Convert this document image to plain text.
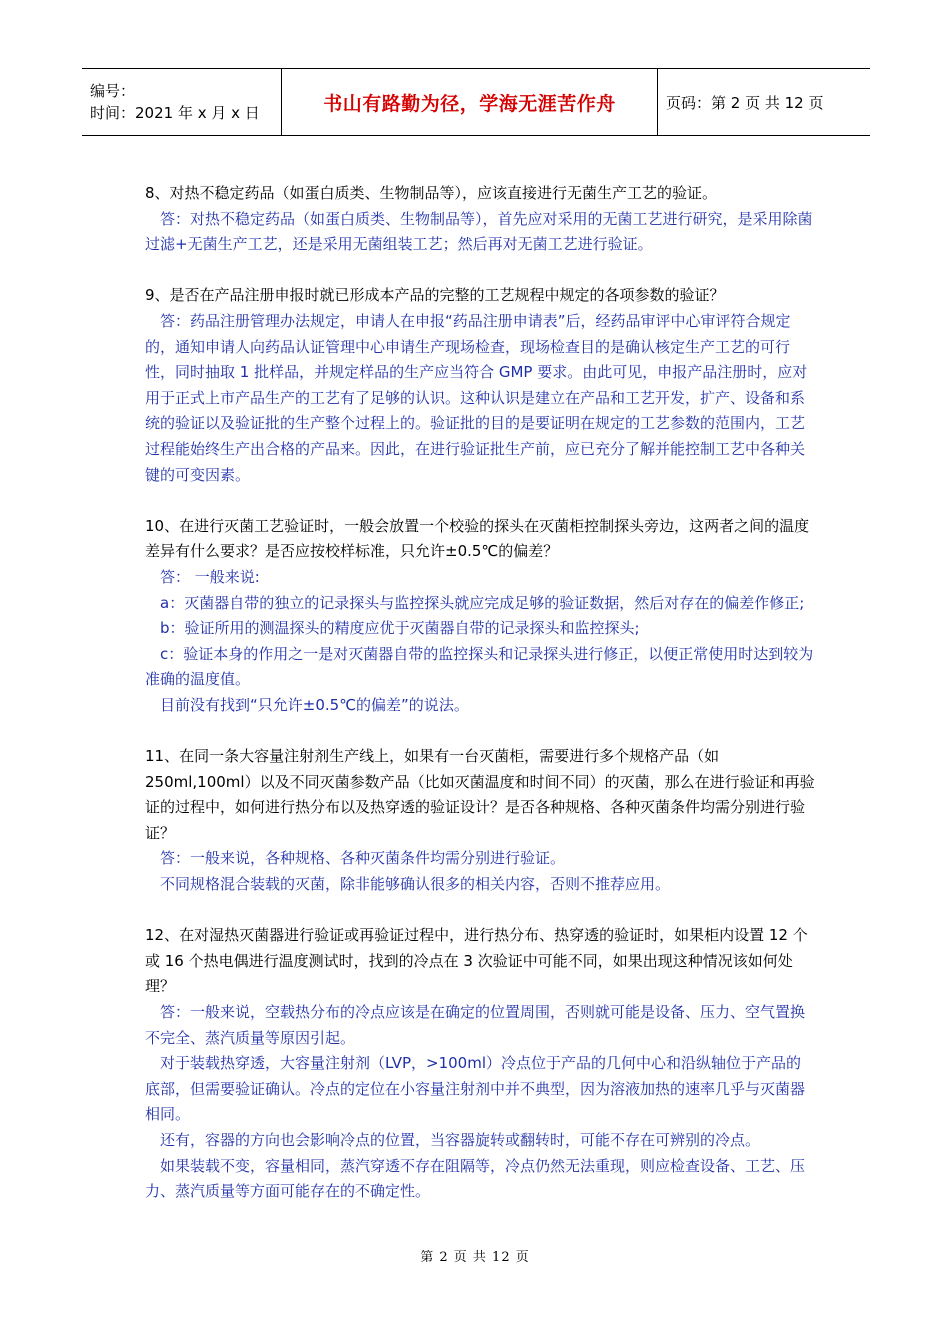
编号：
时间：2021 年 x 月 x 日	书山有路勤为径，学海无涯苦作舟	页码：第 2 页 共 12 页

8、对热不稳定药品（如蛋白质类、生物制品等），应该直接进行无菌生产工艺的验证。

答：对热不稳定药品（如蛋白质类、生物制品等），首先应对采用的无菌工艺进行研究，是采用除菌过滤+无菌生产工艺，还是采用无菌组装工艺；然后再对无菌工艺进行验证。

9、是否在产品注册申报时就已形成本产品的完整的工艺规程中规定的各项参数的验证？

答：药品注册管理办法规定，申请人在申报“药品注册申请表”后，经药品审评中心审评符合规定的，通知申请人向药品认证管理中心申请生产现场检查，现场检查目的是确认核定生产工艺的可行性，同时抽取 1 批样品，并规定样品的生产应当符合 GMP 要求。由此可见，申报产品注册时，应对用于正式上市产品生产的工艺有了足够的认识。这种认识是建立在产品和工艺开发，扩产、设备和系统的验证以及验证批的生产整个过程上的。验证批的目的是要证明在规定的工艺参数的范围内，工艺过程能始终生产出合格的产品来。因此，在进行验证批生产前，应已充分了解并能控制工艺中各种关键的可变因素。

10、在进行灭菌工艺验证时，一般会放置一个校验的探头在灭菌柜控制探头旁边，这两者之间的温度差异有什么要求？是否应按校样标准，只允许±0.5℃的偏差？

答： 一般来说:

a：灭菌器自带的独立的记录探头与监控探头就应完成足够的验证数据，然后对存在的偏差作修正;

b：验证所用的测温探头的精度应优于灭菌器自带的记录探头和监控探头;

c：验证本身的作用之一是对灭菌器自带的监控探头和记录探头进行修正，以便正常使用时达到较为准确的温度值。

目前没有找到“只允许±0.5℃的偏差”的说法。

11、在同一条大容量注射剂生产线上，如果有一台灭菌柜，需要进行多个规格产品（如250ml,100ml）以及不同灭菌参数产品（比如灭菌温度和时间不同）的灭菌，那么在进行验证和再验证的过程中，如何进行热分布以及热穿透的验证设计？是否各种规格、各种灭菌条件均需分别进行验证？

答：一般来说，各种规格、各种灭菌条件均需分别进行验证。

不同规格混合装载的灭菌，除非能够确认很多的相关内容，否则不推荐应用。

12、在对湿热灭菌器进行验证或再验证过程中，进行热分布、热穿透的验证时，如果柜内设置 12 个或 16 个热电偶进行温度测试时，找到的冷点在 3 次验证中可能不同，如果出现这种情况该如何处理？

答：一般来说，空载热分布的冷点应该是在确定的位置周围，否则就可能是设备、压力、空气置换不完全、蒸汽质量等原因引起。

对于装载热穿透，大容量注射剂（LVP，>100ml）冷点位于产品的几何中心和沿纵轴位于产品的底部，但需要验证确认。冷点的定位在小容量注射剂中并不典型，因为溶液加热的速率几乎与灭菌器相同。

还有，容器的方向也会影响冷点的位置，当容器旋转或翻转时，可能不存在可辨别的冷点。

如果装载不变，容量相同，蒸汽穿透不存在阻隔等，冷点仍然无法重现，则应检查设备、工艺、压力、蒸汽质量等方面可能存在的不确定性。

第 2 页 共 12 页
